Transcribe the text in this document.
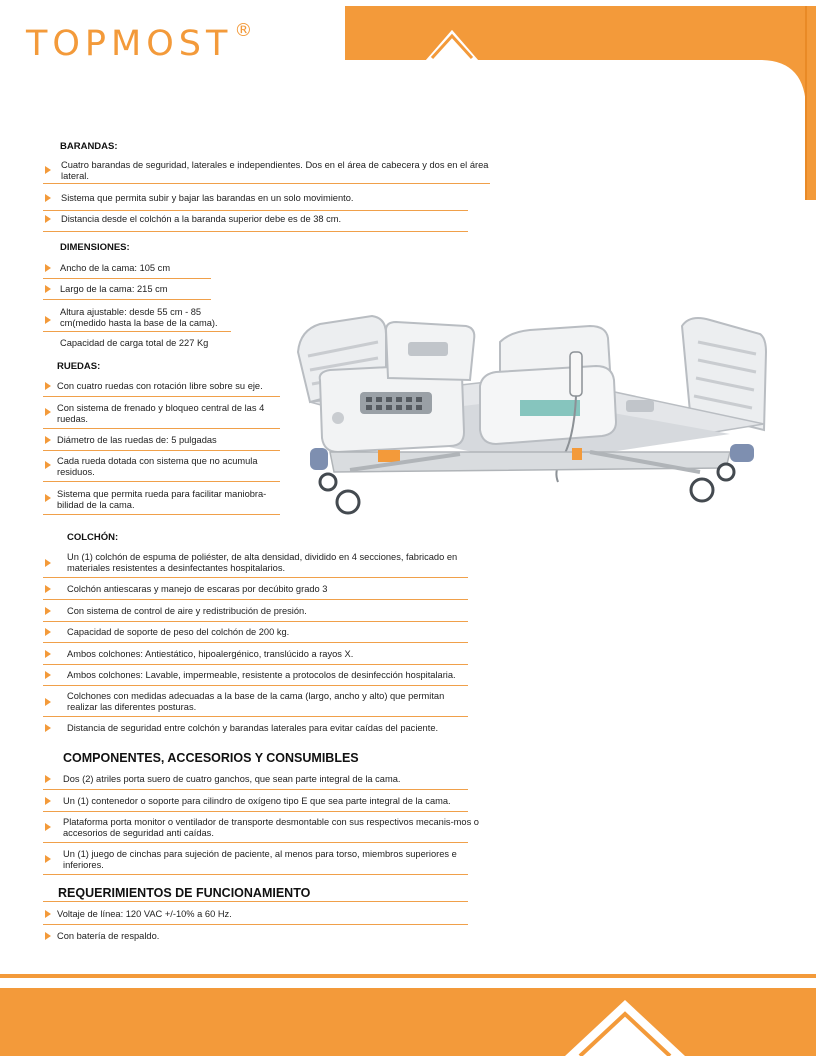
TOPMOST ®
BARANDAS:
Cuatro barandas de seguridad, laterales e independientes. Dos en el área de cabecera y dos en el área lateral.
Sistema que permita subir y bajar las barandas en un solo movimiento.
Distancia desde el colchón a la baranda superior debe es de 38 cm.
DIMENSIONES:
Ancho de la cama: 105 cm
Largo de la cama: 215 cm
Altura ajustable: desde 55 cm - 85 cm(medido hasta la base de la cama).
Capacidad de carga total de 227 Kg
RUEDAS:
Con cuatro ruedas con rotación libre sobre su eje.
Con sistema de frenado y bloqueo central de las 4 ruedas.
Diámetro de las ruedas de: 5 pulgadas
Cada rueda dotada con sistema que no acumula residuos.
Sistema que permita rueda para facilitar maniobra-bilidad de la cama.
COLCHÓN:
Un (1) colchón de espuma de poliéster, de alta densidad, dividido en 4 secciones, fabricado en materiales resistentes a desinfectantes hospitalarios.
Colchón antiescaras y manejo de escaras por decúbito grado 3
Con sistema de control de aire y redistribución de presión.
Capacidad de soporte de peso del colchón de 200 kg.
Ambos colchones: Antiestático, hipoalergénico, translúcido a rayos X.
Ambos colchones: Lavable, impermeable, resistente a protocolos de desinfección hospitalaria.
Colchones con medidas adecuadas a la base de la cama (largo, ancho y alto) que permitan realizar las diferentes posturas.
Distancia de seguridad entre colchón y barandas laterales para evitar caídas del paciente.
COMPONENTES, ACCESORIOS Y CONSUMIBLES
Dos (2) atriles porta suero de cuatro ganchos, que sean parte integral de la cama.
Un (1) contenedor o soporte para cilindro de oxígeno tipo E que sea parte integral de la cama.
Plataforma porta monitor o ventilador de transporte desmontable con sus respectivos mecanis-mos o accesorios de seguridad anti caídas.
Un (1) juego de cinchas para sujeción de paciente, al menos para torso, miembros superiores e inferiores.
REQUERIMIENTOS DE FUNCIONAMIENTO
Voltaje de línea: 120 VAC +/-10% a 60 Hz.
Con batería de respaldo.
